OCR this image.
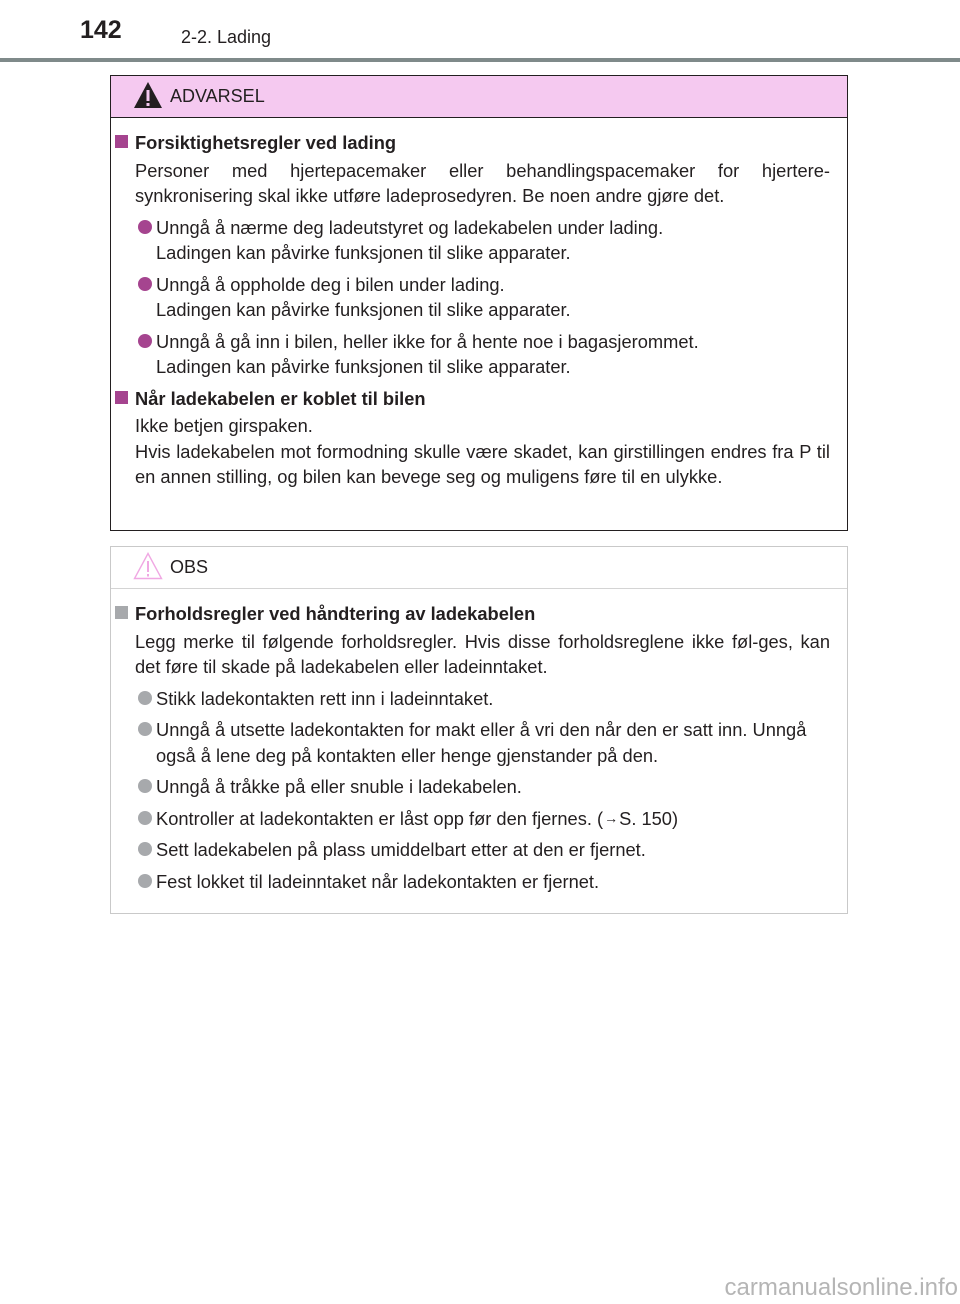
142	2-2. Lading
ADVARSEL
Forsiktighetsregler ved lading
Personer med hjertepacemaker eller behandlingspacemaker for hjertere-synkronisering skal ikke utføre ladeprosedyren. Be noen andre gjøre det.
Unngå å nærme deg ladeutstyret og ladekabelen under lading.
Ladingen kan påvirke funksjonen til slike apparater.
Unngå å oppholde deg i bilen under lading.
Ladingen kan påvirke funksjonen til slike apparater.
Unngå å gå inn i bilen, heller ikke for å hente noe i bagasjerommet.
Ladingen kan påvirke funksjonen til slike apparater.
Når ladekabelen er koblet til bilen
Ikke betjen girspaken.
Hvis ladekabelen mot formodning skulle være skadet, kan girstillingen endres fra P til en annen stilling, og bilen kan bevege seg og muligens føre til en ulykke.
OBS
Forholdsregler ved håndtering av ladekabelen
Legg merke til følgende forholdsregler. Hvis disse forholdsreglene ikke føl-ges, kan det føre til skade på ladekabelen eller ladeinntaket.
Stikk ladekontakten rett inn i ladeinntaket.
Unngå å utsette ladekontakten for makt eller å vri den når den er satt inn. Unngå også å lene deg på kontakten eller henge gjenstander på den.
Unngå å tråkke på eller snuble i ladekabelen.
Kontroller at ladekontakten er låst opp før den fjernes. (→S. 150)
Sett ladekabelen på plass umiddelbart etter at den er fjernet.
Fest lokket til ladeinntaket når ladekontakten er fjernet.
carmanualsonline.info
